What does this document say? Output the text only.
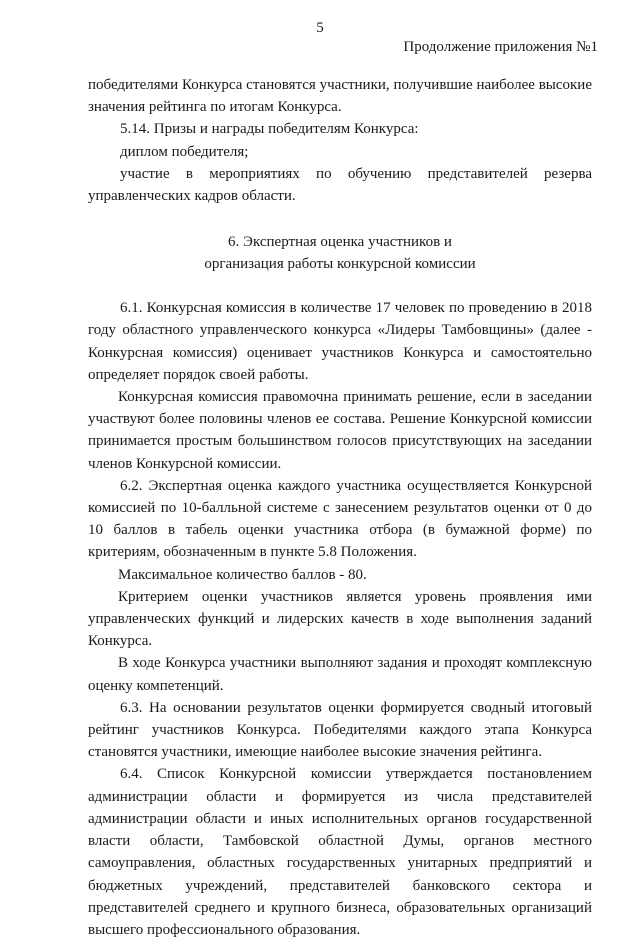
5
Продолжение приложения №1

победителями Конкурса становятся участники, получившие наиболее высокие значения рейтинга по итогам Конкурса.

5.14. Призы и награды победителям Конкурса:

диплом победителя;

участие в мероприятиях по обучению представителей резерва управленческих кадров области.

6. Экспертная оценка участников и
организация работы конкурсной комиссии

6.1. Конкурсная комиссия в количестве 17 человек по проведению в 2018 году областного управленческого конкурса «Лидеры Тамбовщины» (далее - Конкурсная комиссия) оценивает участников Конкурса и самостоятельно определяет порядок своей работы.

Конкурсная комиссия правомочна принимать решение, если в заседании участвуют более половины членов ее состава. Решение Конкурсной комиссии принимается простым большинством голосов присутствующих на заседании членов Конкурсной комиссии.

6.2. Экспертная оценка каждого участника осуществляется Конкурсной комиссией по 10-балльной системе с занесением результатов оценки от 0 до 10 баллов в табель оценки участника отбора (в бумажной форме) по критериям, обозначенным в пункте 5.8 Положения.

Максимальное количество баллов - 80.

Критерием оценки участников является уровень проявления ими управленческих функций и лидерских качеств в ходе выполнения заданий Конкурса.

В ходе Конкурса участники выполняют задания и проходят комплексную оценку компетенций.

6.3. На основании результатов оценки формируется сводный итоговый рейтинг участников Конкурса. Победителями каждого этапа Конкурса становятся участники, имеющие наиболее высокие значения рейтинга.

6.4. Список Конкурсной комиссии утверждается постановлением администрации области и формируется из числа представителей администрации области и иных исполнительных органов государственной власти области, Тамбовской областной Думы, органов местного самоуправления, областных государственных унитарных предприятий и бюджетных учреждений, представителей банковского сектора и представителей среднего и крупного бизнеса, образовательных организаций высшего профессионального образования.
